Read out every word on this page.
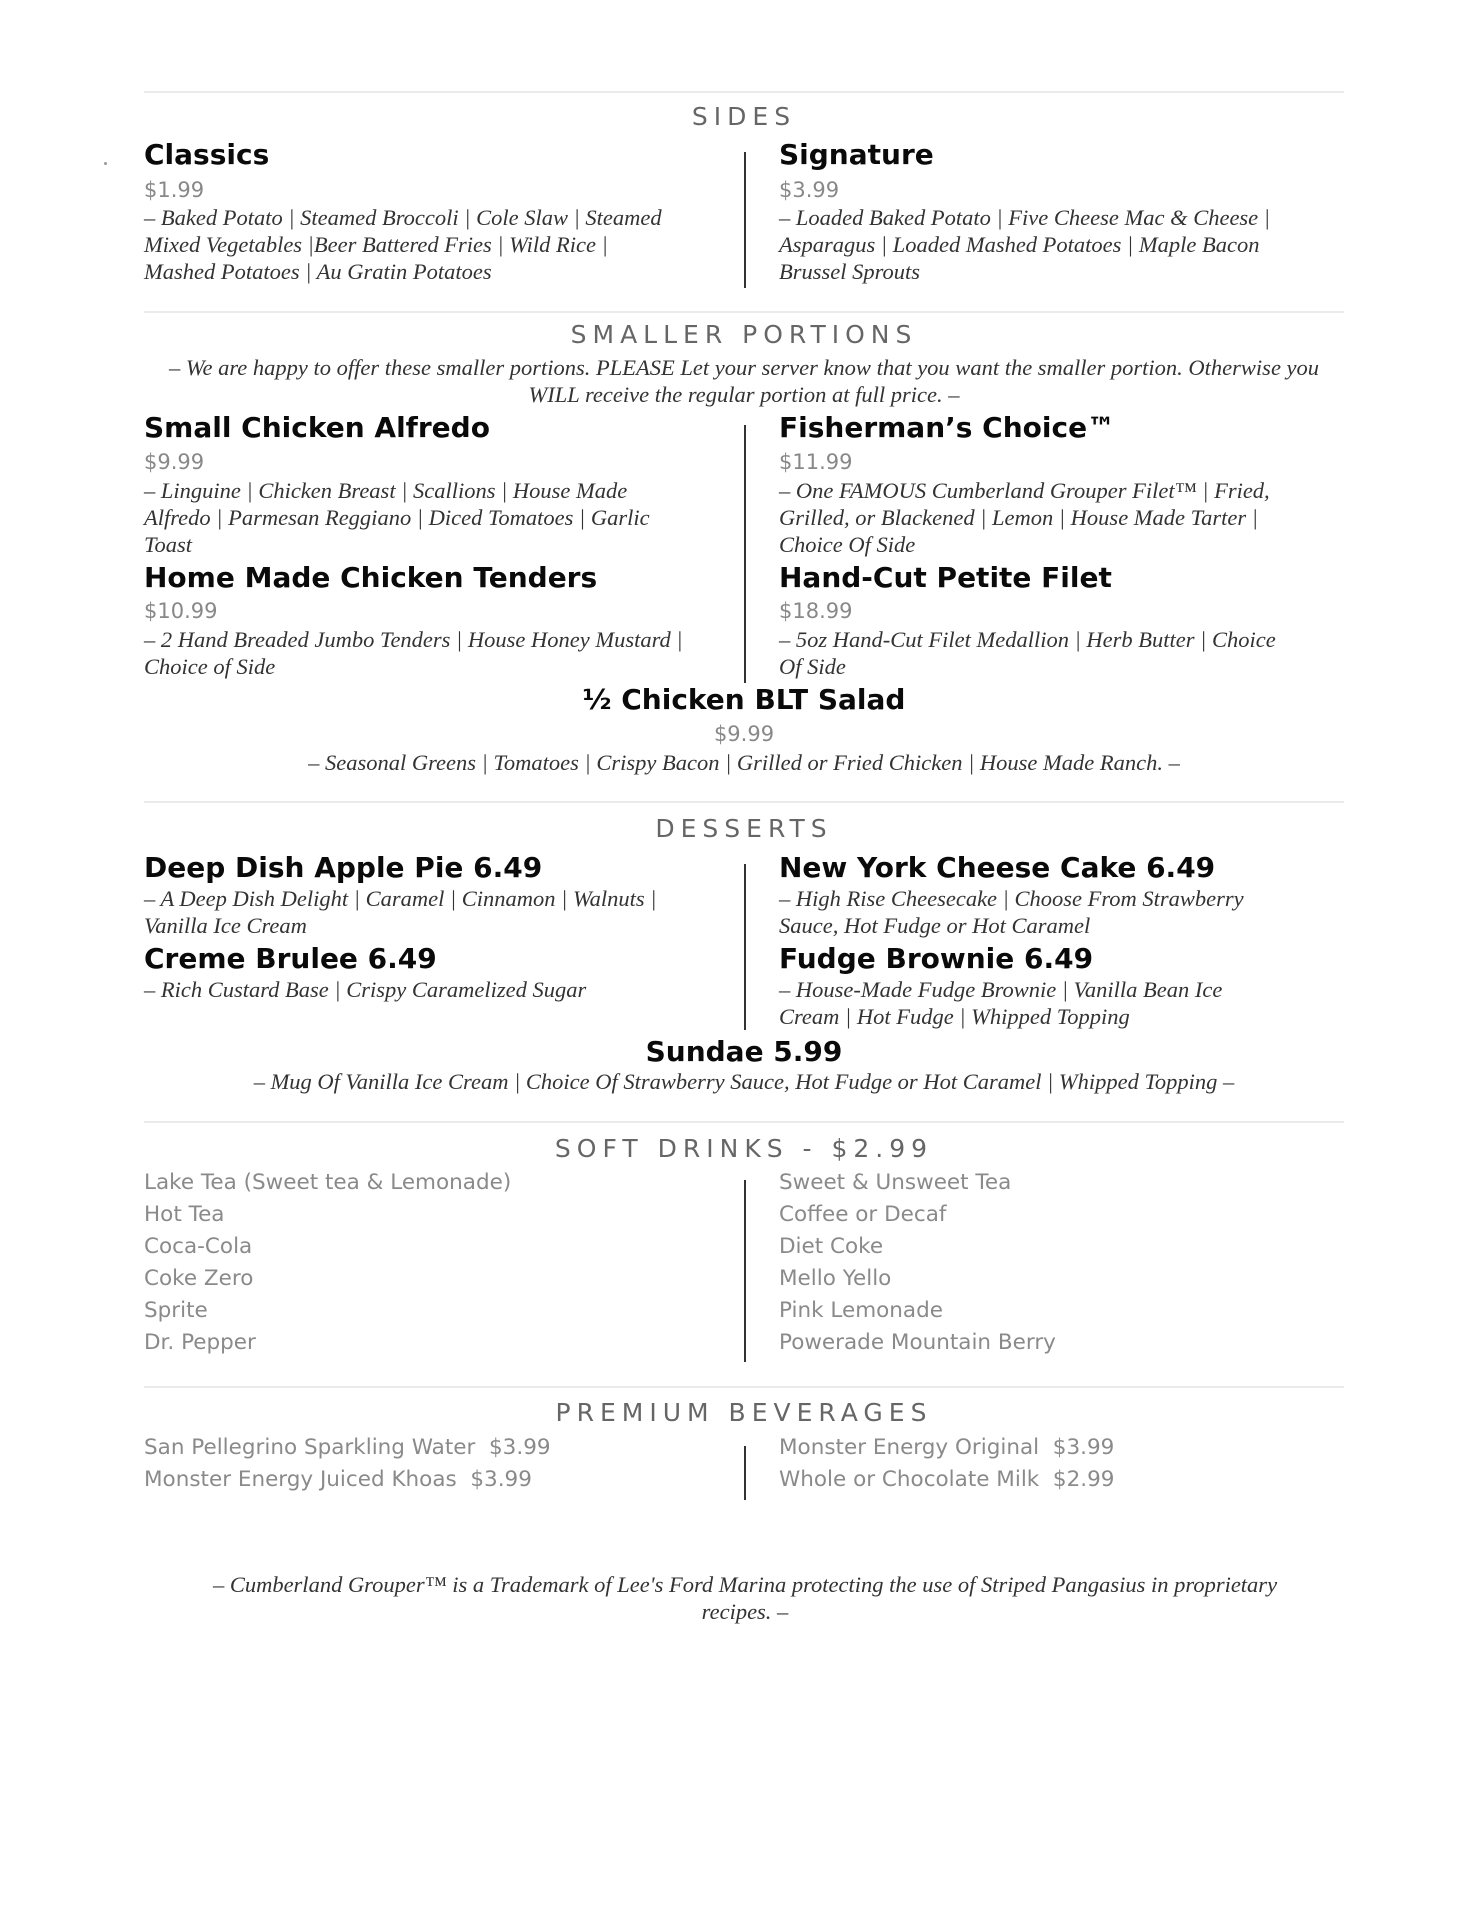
SIDES
Classics
$1.99
– Baked Potato | Steamed Broccoli | Cole Slaw | Steamed Mixed Vegetables |Beer Battered Fries | Wild Rice | Mashed Potatoes | Au Gratin Potatoes
Signature
$3.99
– Loaded Baked Potato | Five Cheese Mac & Cheese | Asparagus | Loaded Mashed Potatoes | Maple Bacon Brussel Sprouts
SMALLER PORTIONS
– We are happy to offer these smaller portions. PLEASE Let your server know that you want the smaller portion. Otherwise you WILL receive the regular portion at full price. –
Small Chicken Alfredo
$9.99
– Linguine | Chicken Breast | Scallions | House Made Alfredo | Parmesan Reggiano | Diced Tomatoes | Garlic Toast
Home Made Chicken Tenders
$10.99
– 2 Hand Breaded Jumbo Tenders | House Honey Mustard | Choice of Side
Fisherman’s Choice™
$11.99
– One FAMOUS Cumberland Grouper Filet™ | Fried, Grilled, or Blackened | Lemon | House Made Tarter | Choice Of Side
Hand-Cut Petite Filet
$18.99
– 5oz Hand-Cut Filet Medallion | Herb Butter | Choice Of Side
½ Chicken BLT Salad
$9.99
– Seasonal Greens | Tomatoes | Crispy Bacon | Grilled or Fried Chicken | House Made Ranch. –
DESSERTS
Deep Dish Apple Pie 6.49
– A Deep Dish Delight | Caramel | Cinnamon | Walnuts | Vanilla Ice Cream
Creme Brulee 6.49
– Rich Custard Base | Crispy Caramelized Sugar
New York Cheese Cake 6.49
– High Rise Cheesecake | Choose From Strawberry Sauce, Hot Fudge or Hot Caramel
Fudge Brownie 6.49
– House-Made Fudge Brownie | Vanilla Bean Ice Cream | Hot Fudge | Whipped Topping
Sundae 5.99
– Mug Of Vanilla Ice Cream | Choice Of Strawberry Sauce, Hot Fudge or Hot Caramel | Whipped Topping –
SOFT DRINKS - $2.99
Lake Tea (Sweet tea & Lemonade)
Hot Tea
Coca-Cola
Coke Zero
Sprite
Dr. Pepper
Sweet & Unsweet Tea
Coffee or Decaf
Diet Coke
Mello Yello
Pink Lemonade
Powerade Mountain Berry
PREMIUM BEVERAGES
San Pellegrino Sparkling Water  $3.99
Monster Energy Juiced Khoas  $3.99
Monster Energy Original  $3.99
Whole or Chocolate Milk  $2.99
– Cumberland Grouper™ is a Trademark of Lee's Ford Marina protecting the use of Striped Pangasius in proprietary recipes. –
